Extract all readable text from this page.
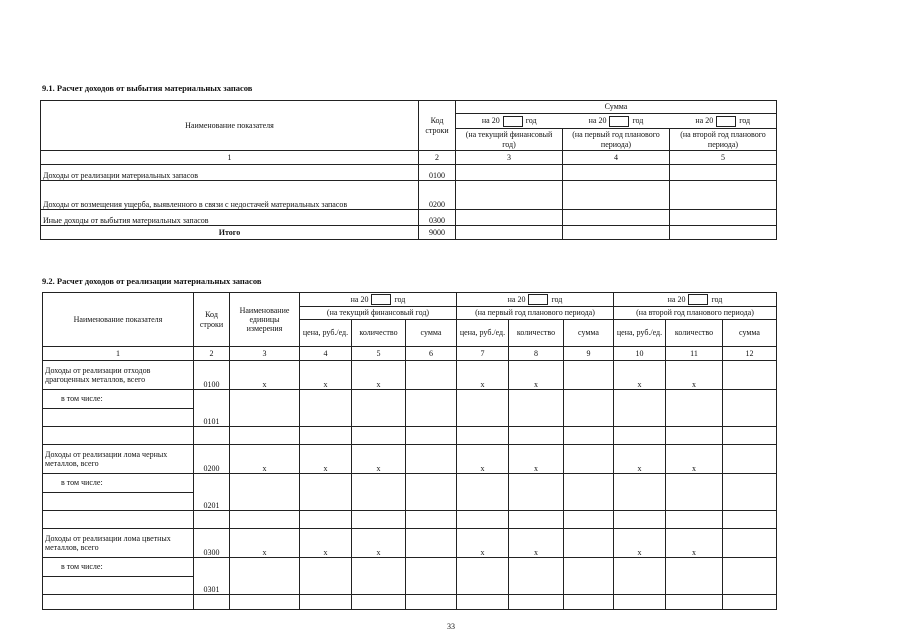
9.1. Расчет доходов от выбытия материальных запасов
Наименование показателя	Код строки	Сумма		

		на 20 год	на 20 год	на 20 год

		(на текущий финансовый год)	(на первый год планового периода)	(на второй год планового периода)
1	2	3	4	5
Доходы от реализации материальных запасов	0100			
Доходы от возмещения ущерба, выявленного в связи с недостачей материальных запасов	0200			
Иные доходы от выбытия материальных запасов	0300			
Итого	9000			
9.2. Расчет доходов от реализации материальных запасов
Наименование показателя	Код строки	Наименование единицы измерения	на 20 год			на 20 год			на 20 год		

			(на текущий финансовый год)			(на первый год планового периода)			(на второй год планового периода)		
			цена, руб./ед.	количество	сумма	цена, руб./ед.	количество	сумма	цена, руб./ед.	количество	сумма
1	2	3	4	5	6	7	8	9	10	11	12
Доходы от реализации отходов драгоценных металлов, всего	0100	x	x	x		x	x		x	x	
в том числе:	0101										

Доходы от реализации лома черных металлов, всего	0200	x	x	x		x	x		x	x	
в том числе:	0201										

Доходы от реализации лома цветных металлов, всего	0300	x	x	x		x	x		x	x	
в том числе:	0301										

33
